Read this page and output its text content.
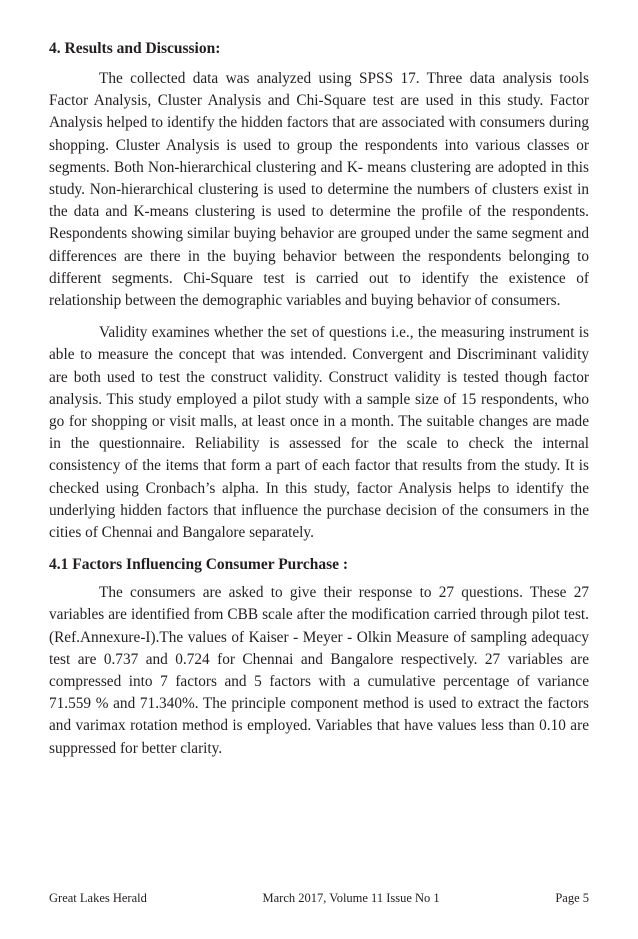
4. Results and Discussion:

The collected data was analyzed using SPSS 17. Three data analysis tools Factor Analysis, Cluster Analysis and Chi-Square test are used in this study. Factor Analysis helped to identify the hidden factors that are associated with consumers during shopping. Cluster Analysis is used to group the respondents into various classes or segments. Both Non-hierarchical clustering and K- means clustering are adopted in this study. Non-hierarchical clustering is used to determine the numbers of clusters exist in the data and K-means clustering is used to determine the profile of the respondents. Respondents showing similar buying behavior are grouped under the same segment and differences are there in the buying behavior between the respondents belonging to different segments. Chi-Square test is carried out to identify the existence of relationship between the demographic variables and buying behavior of consumers.

Validity examines whether the set of questions i.e., the measuring instrument is able to measure the concept that was intended. Convergent and Discriminant validity are both used to test the construct validity. Construct validity is tested though factor analysis. This study employed a pilot study with a sample size of 15 respondents, who go for shopping or visit malls, at least once in a month. The suitable changes are made in the questionnaire. Reliability is assessed for the scale to check the internal consistency of the items that form a part of each factor that results from the study. It is checked using Cronbach’s alpha. In this study, factor Analysis helps to identify the underlying hidden factors that influence the purchase decision of the consumers in the cities of Chennai and Bangalore separately.

4.1 Factors Influencing Consumer Purchase :

The consumers are asked to give their response to 27 questions. These 27 variables are identified from CBB scale after the modification carried through pilot test. (Ref.Annexure-I).The values of Kaiser - Meyer - Olkin Measure of sampling adequacy test are 0.737 and 0.724 for Chennai and Bangalore respectively. 27 variables are compressed into 7 factors and 5 factors with a cumulative percentage of variance 71.559 % and 71.340%. The principle component method is used to extract the factors and varimax rotation method is employed. Variables that have values less than 0.10 are suppressed for better clarity.

Great Lakes Herald	March 2017, Volume 11 Issue No 1	Page 5
